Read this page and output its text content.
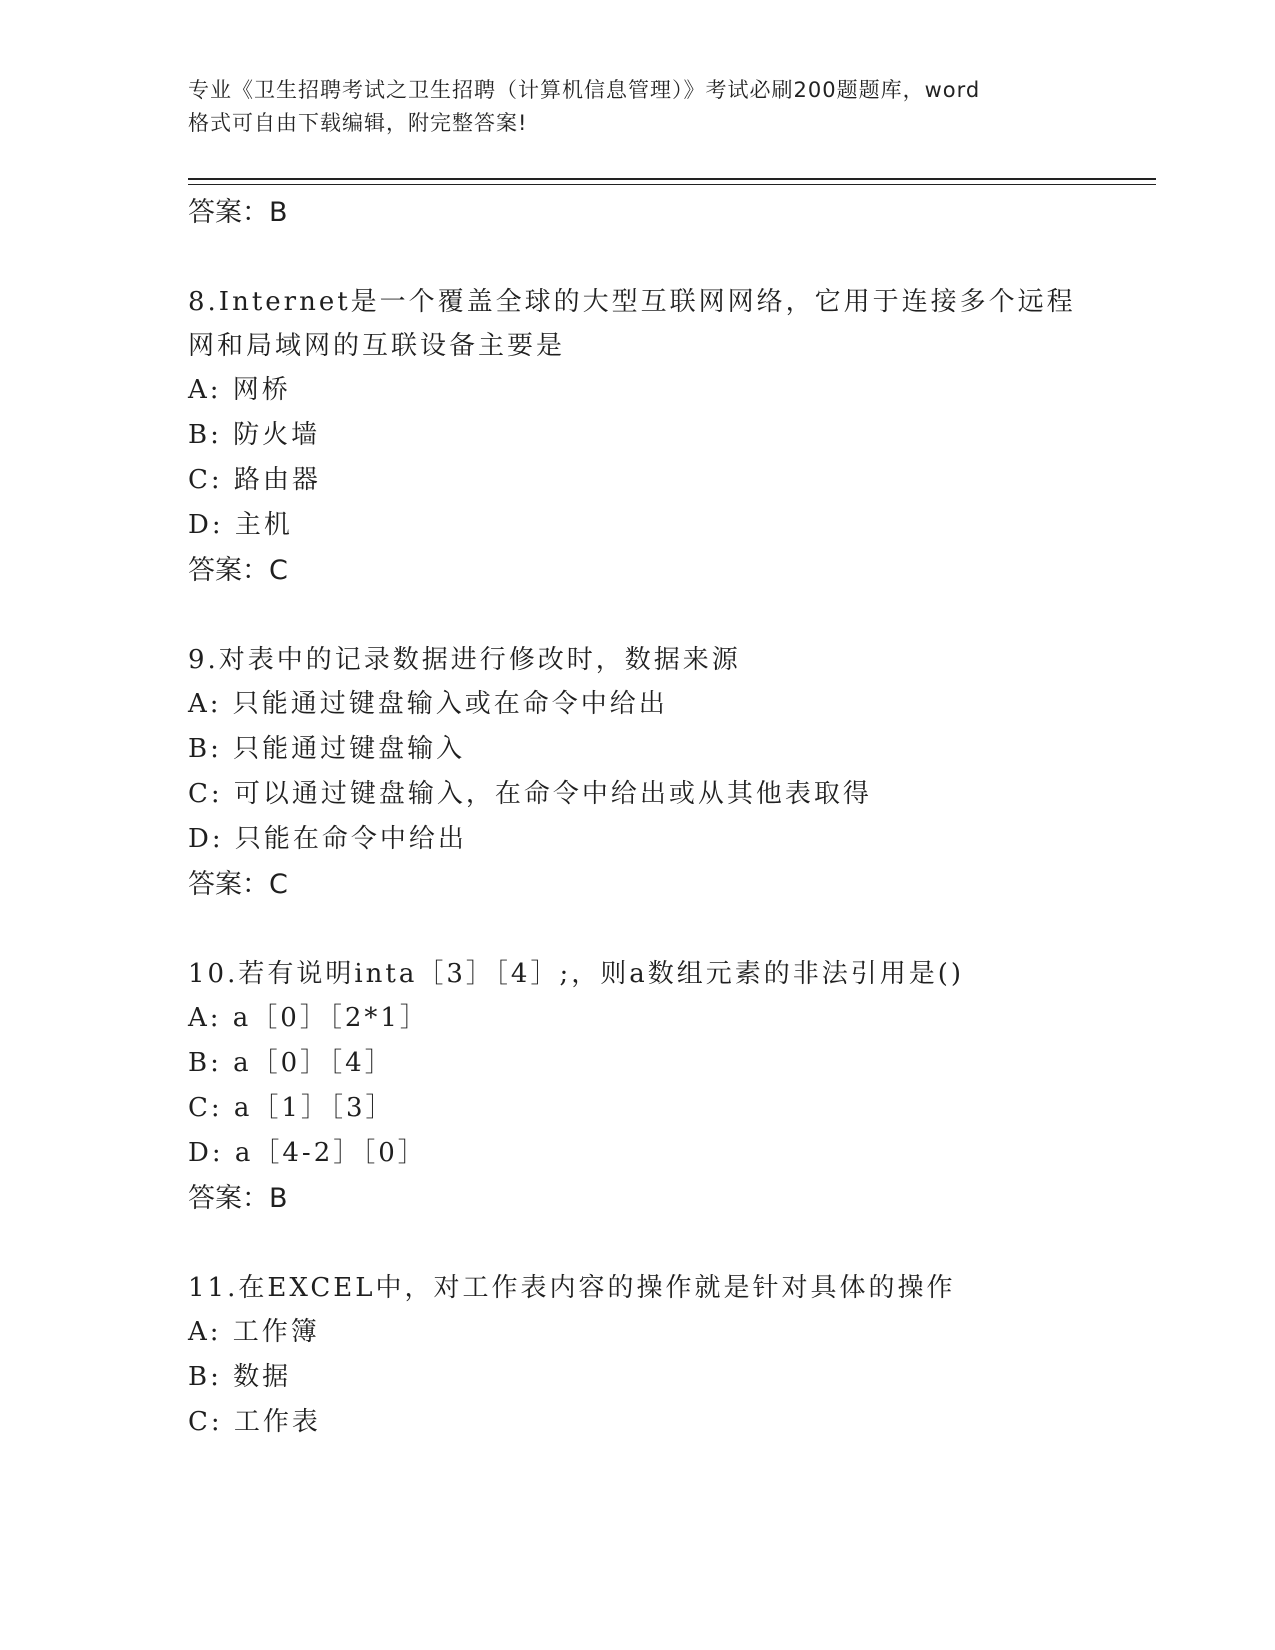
专业《卫生招聘考试之卫生招聘（计算机信息管理）》考试必刷200题题库，word
格式可自由下载编辑，附完整答案!
答案：B
8.Internet是一个覆盖全球的大型互联网网络，它用于连接多个远程
网和局域网的互联设备主要是
A: 网桥
B: 防火墙
C: 路由器
D: 主机
答案：C
9.对表中的记录数据进行修改时，数据来源
A: 只能通过键盘输入或在命令中给出
B: 只能通过键盘输入
C: 可以通过键盘输入，在命令中给出或从其他表取得
D: 只能在命令中给出
答案：C
10.若有说明inta［3］［4］;，则a数组元素的非法引用是()
A: a［0］［2*1］
B: a［0］［4］
C: a［1］［3］
D: a［4-2］［0］
答案：B
11.在EXCEL中，对工作表内容的操作就是针对具体的操作
A: 工作簿
B: 数据
C: 工作表
